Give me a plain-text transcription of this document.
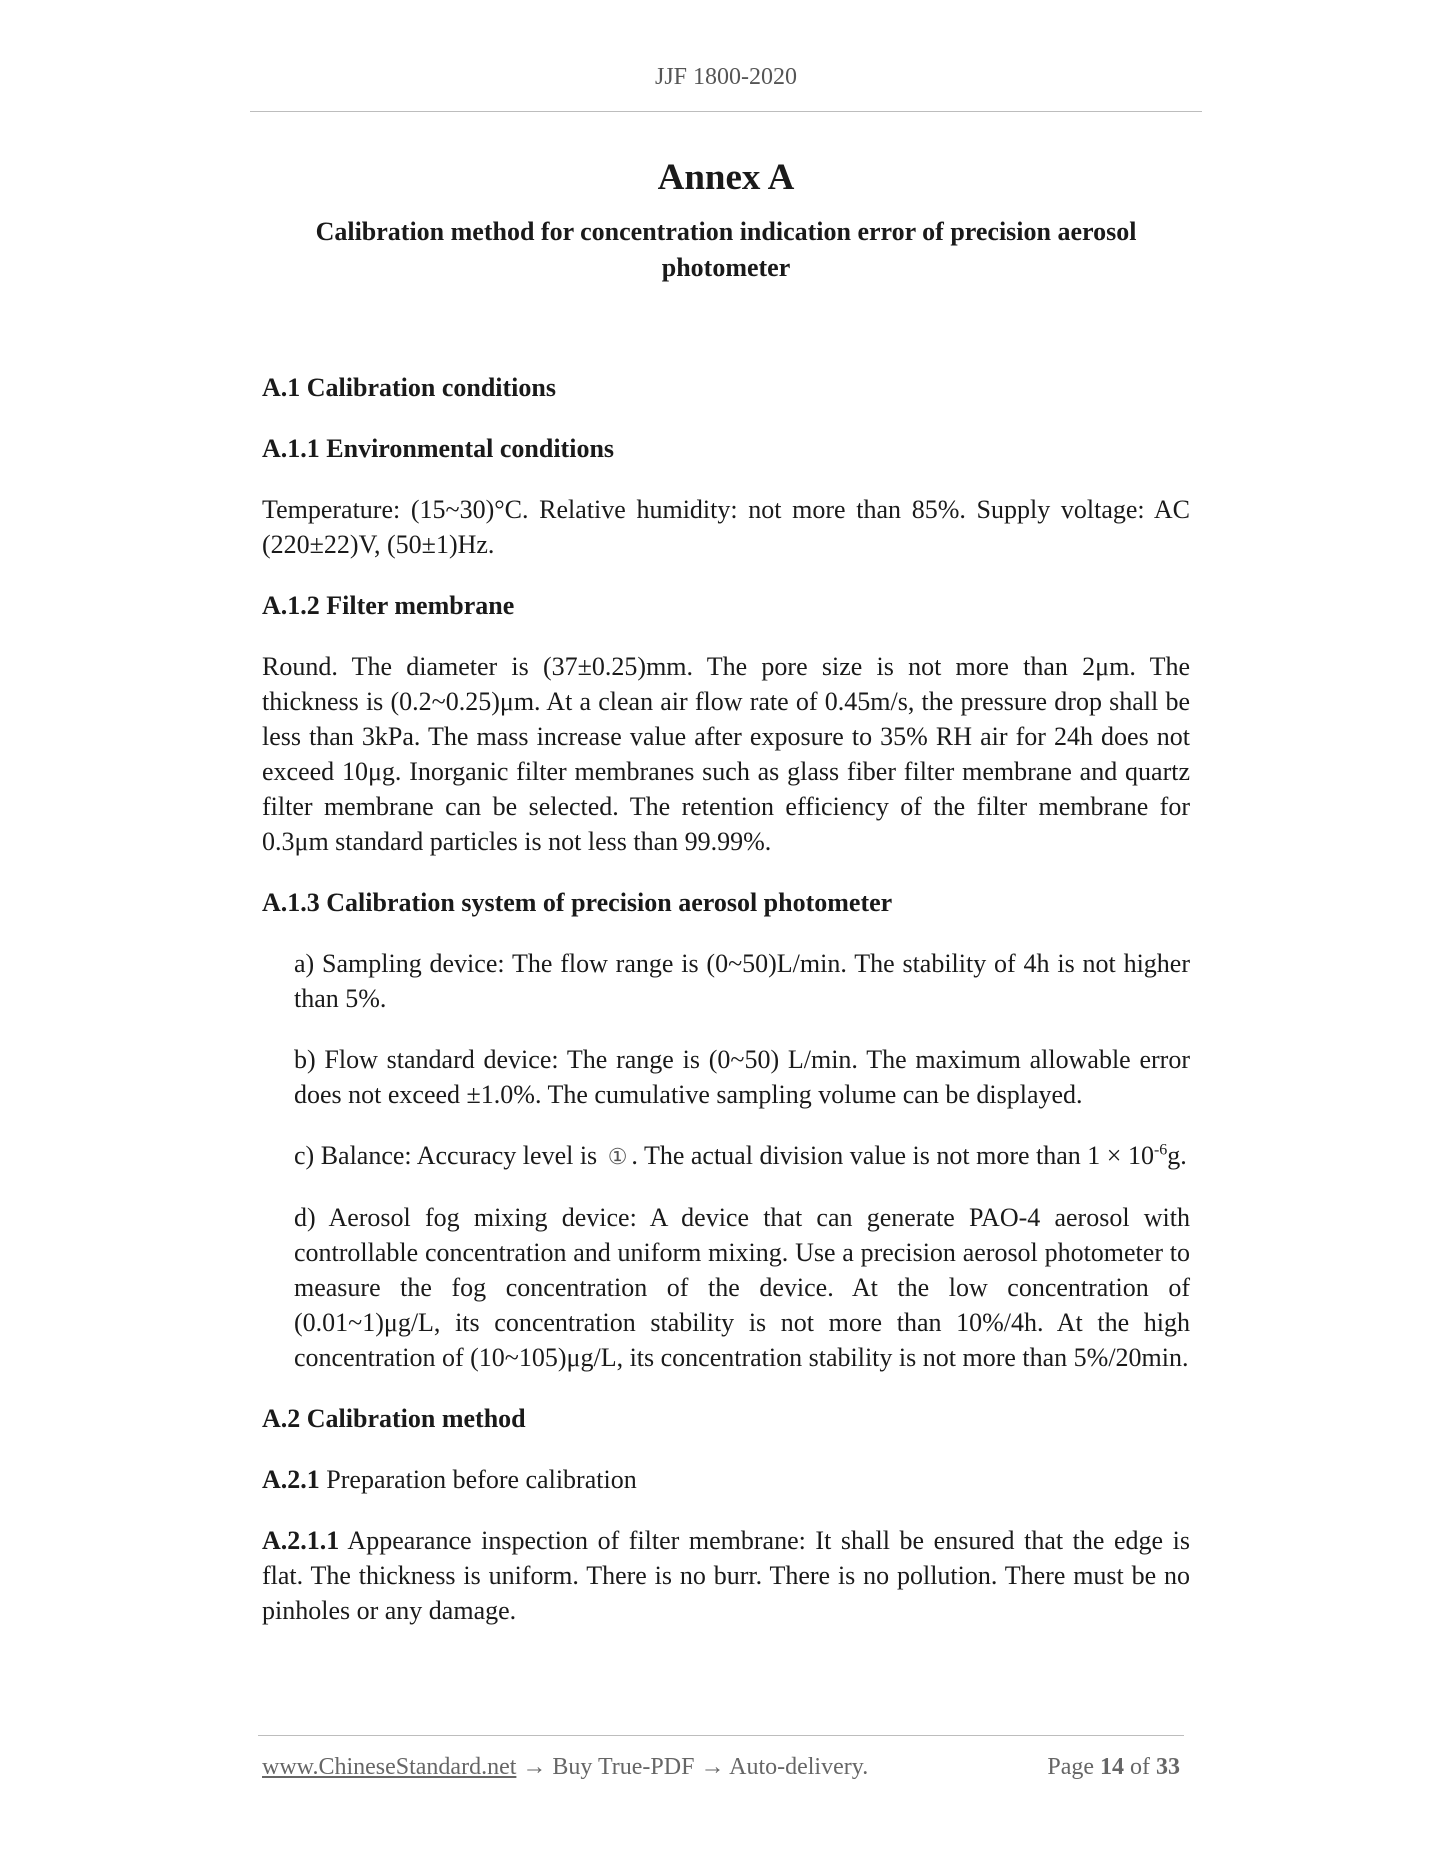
JJF 1800-2020
Annex A
Calibration method for concentration indication error of precision aerosol photometer
A.1 Calibration conditions
A.1.1 Environmental conditions
Temperature: (15~30)°C. Relative humidity: not more than 85%. Supply voltage: AC (220±22)V, (50±1)Hz.
A.1.2 Filter membrane
Round. The diameter is (37±0.25)mm. The pore size is not more than 2μm. The thickness is (0.2~0.25)μm. At a clean air flow rate of 0.45m/s, the pressure drop shall be less than 3kPa. The mass increase value after exposure to 35% RH air for 24h does not exceed 10μg. Inorganic filter membranes such as glass fiber filter membrane and quartz filter membrane can be selected. The retention efficiency of the filter membrane for 0.3μm standard particles is not less than 99.99%.
A.1.3 Calibration system of precision aerosol photometer
a) Sampling device: The flow range is (0~50)L/min. The stability of 4h is not higher than 5%.
b) Flow standard device: The range is (0~50) L/min. The maximum allowable error does not exceed ±1.0%. The cumulative sampling volume can be displayed.
c) Balance: Accuracy level is ① . The actual division value is not more than $1 \times 10^{-6}g$.
d) Aerosol fog mixing device: A device that can generate PAO-4 aerosol with controllable concentration and uniform mixing. Use a precision aerosol photometer to measure the fog concentration of the device. At the low concentration of (0.01~1)μg/L, its concentration stability is not more than 10%/4h. At the high concentration of (10~105)μg/L, its concentration stability is not more than 5%/20min.
A.2 Calibration method
A.2.1 Preparation before calibration
A.2.1.1 Appearance inspection of filter membrane: It shall be ensured that the edge is flat. The thickness is uniform. There is no burr. There is no pollution. There must be no pinholes or any damage.
www.ChineseStandard.net → Buy True-PDF → Auto-delivery.	Page 14 of 33
